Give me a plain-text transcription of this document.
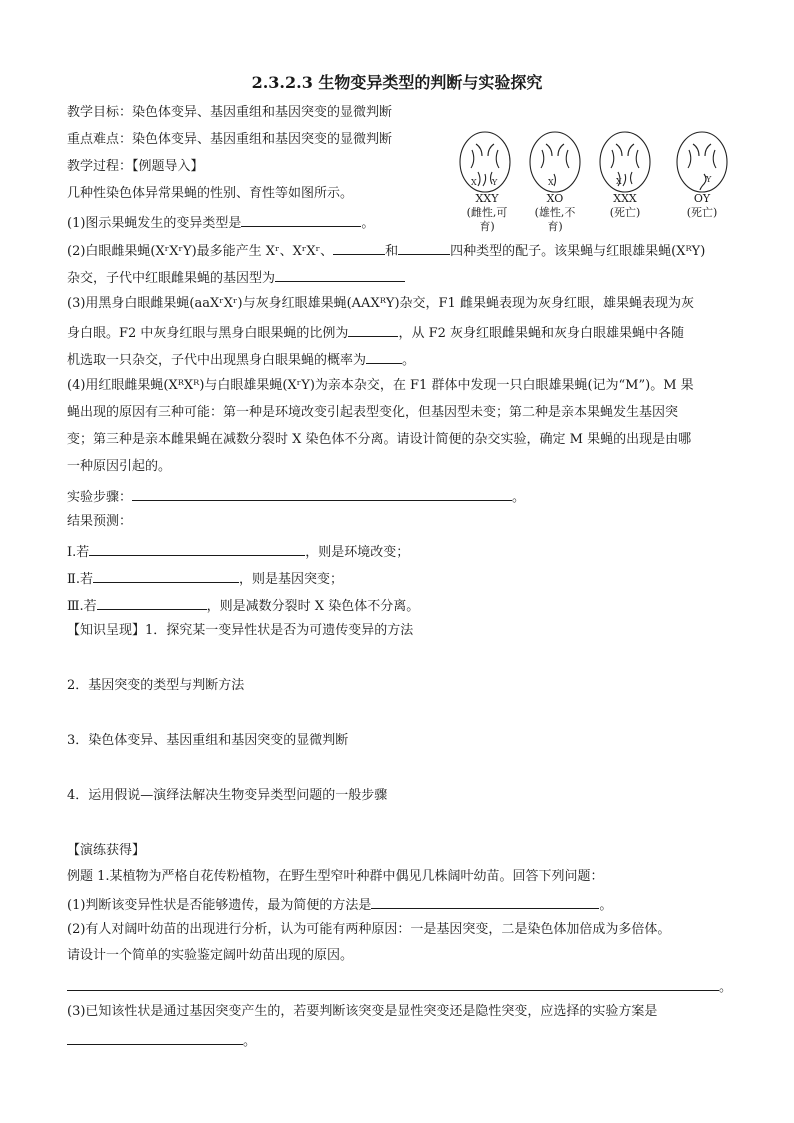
2.3.2.3 生物变异类型的判断与实验探究
教学目标：染色体变异、基因重组和基因突变的显微判断
重点难点：染色体变异、基因重组和基因突变的显微判断
教学过程：【例题导入】
几种性染色体异常果蝇的性别、育性等如图所示。
X Y	X	X	Y
XXY
(雌性,可育)
XO
(雄性,不育)
XXX
(死亡)
OY
(死亡)
(1)图示果蝇发生的变异类型是	。
(2)白眼雌果蝇(XʳXʳY)最多能产生 Xʳ、XʳXʳ、	和	四种类型的配子。该果蝇与红眼雄果蝇(XᴿY)
杂交，子代中红眼雌果蝇的基因型为
(3)用黑身白眼雌果蝇(aaXʳXʳ)与灰身红眼雄果蝇(AAXᴿY)杂交，F1 雌果蝇表现为灰身红眼，雄果蝇表现为灰
身白眼。F2 中灰身红眼与黑身白眼果蝇的比例为	，从 F2 灰身红眼雌果蝇和灰身白眼雄果蝇中各随
机选取一只杂交，子代中出现黑身白眼果蝇的概率为	。
(4)用红眼雌果蝇(XᴿXᴿ)与白眼雄果蝇(XʳY)为亲本杂交，在 F1 群体中发现一只白眼雄果蝇(记为“M”)。M 果
蝇出现的原因有三种可能：第一种是环境改变引起表型变化，但基因型未变；第二种是亲本果蝇发生基因突
变；第三种是亲本雌果蝇在减数分裂时 X 染色体不分离。请设计简便的杂交实验，确定 M 果蝇的出现是由哪
一种原因引起的。
实验步骤：	。
结果预测：
Ⅰ.若	，则是环境改变；
Ⅱ.若	，则是基因突变；
Ⅲ.若	，则是减数分裂时 X 染色体不分离。
【知识呈现】1．探究某一变异性状是否为可遗传变异的方法
2．基因突变的类型与判断方法
3．染色体变异、基因重组和基因突变的显微判断
4．运用假说—演绎法解决生物变异类型问题的一般步骤
【演练获得】
例题 1.某植物为严格自花传粉植物，在野生型窄叶种群中偶见几株阔叶幼苗。回答下列问题：
(1)判断该变异性状是否能够遗传，最为简便的方法是	。
(2)有人对阔叶幼苗的出现进行分析，认为可能有两种原因：一是基因突变，二是染色体加倍成为多倍体。
请设计一个简单的实验鉴定阔叶幼苗出现的原因。
。
(3)已知该性状是通过基因突变产生的，若要判断该突变是显性突变还是隐性突变，应选择的实验方案是
。
